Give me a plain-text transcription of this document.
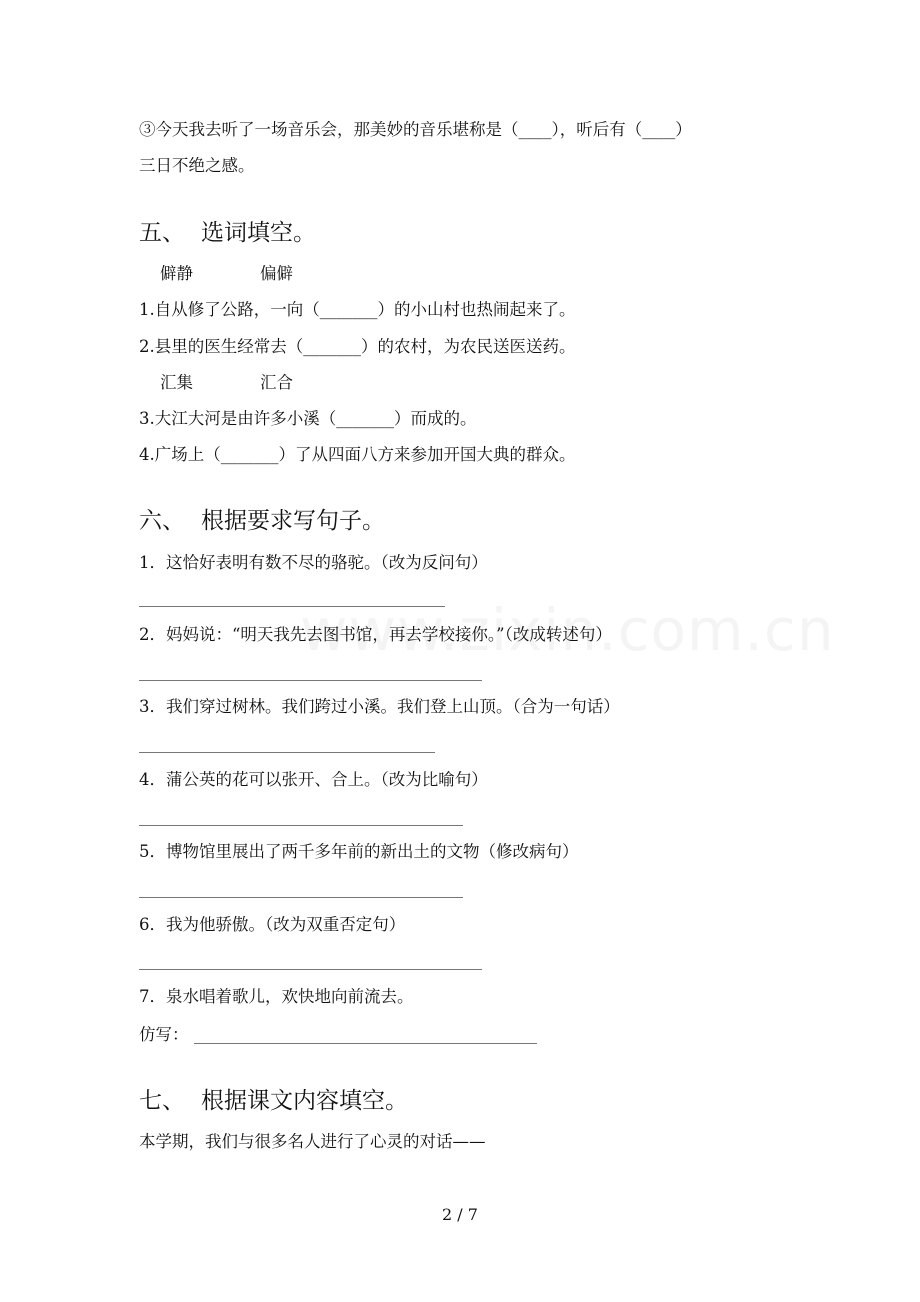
③今天我去听了一场音乐会，那美妙的音乐堪称是（____），听后有（____）
三日不绝之感。
五、 选词填空。
僻静	偏僻
1.自从修了公路，一向（_______）的小山村也热闹起来了。
2.县里的医生经常去（_______）的农村，为农民送医送药。
汇集	汇合
3.大江大河是由许多小溪（_______）而成的。
4.广场上（_______）了从四面八方来参加开国大典的群众。
六、 根据要求写句子。
1．这恰好表明有数不尽的骆驼。（改为反问句）
2．妈妈说：“明天我先去图书馆，再去学校接你。”（改成转述句）
3．我们穿过树林。我们跨过小溪。我们登上山顶。（合为一句话）
4．蒲公英的花可以张开、合上。（改为比喻句）
5．博物馆里展出了两千多年前的新出土的文物（修改病句）
6．我为他骄傲。（改为双重否定句）
7．泉水唱着歌儿，欢快地向前流去。
仿写：
七、 根据课文内容填空。
本学期，我们与很多名人进行了心灵的对话——
2 / 7
